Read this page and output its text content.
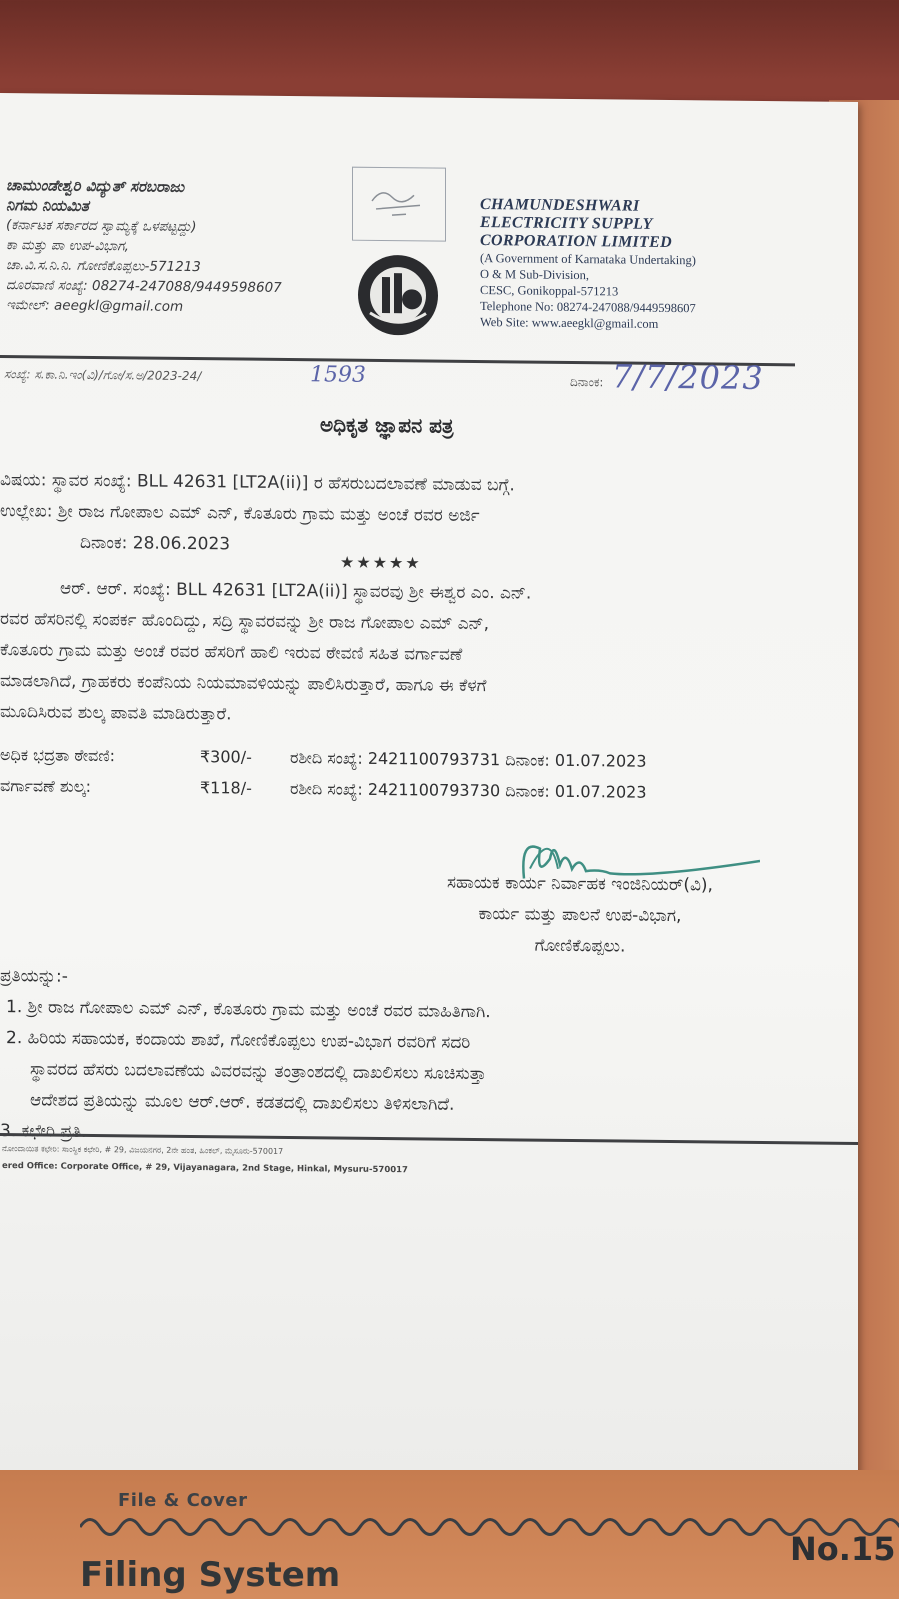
ಚಾಮುಂಡೇಶ್ವರಿ ವಿದ್ಯುತ್ ಸರಬರಾಜು
ನಿಗಮ ನಿಯಮಿತ
(ಕರ್ನಾಟಕ ಸರ್ಕಾರದ ಸ್ವಾಮ್ಯಕ್ಕೆ ಒಳಪಟ್ಟದ್ದು)
ಕಾ ಮತ್ತು ಪಾ ಉಪ-ವಿಭಾಗ,
ಚಾ.ವಿ.ಸ.ನಿ.ನಿ. ಗೋಣಿಕೊಪ್ಪಲು-571213
ದೂರವಾಣಿ ಸಂಖ್ಯೆ: 08274-247088/9449598607
ಇಮೇಲ್: aeegkl@gmail.com
CHAMUNDESHWARI
ELECTRICITY SUPPLY
CORPORATION LIMITED
(A Government of Karnataka Undertaking)
O & M Sub-Division,
CESC, Gonikoppal-571213
Telephone No: 08274-247088/9449598607
Web Site: www.aeegkl@gmail.com
ಸಂಖ್ಯೆ: ಸ.ಕಾ.ನಿ.ಇಂ(ವಿ)/ಗೋ/ಸ.ಅ/2023-24/	1593	ದಿನಾಂಕ: 7/7/2023
ಅಧಿಕೃತ ಜ್ಞಾಪನ ಪತ್ರ
ವಿಷಯ: ಸ್ಥಾವರ ಸಂಖ್ಯೆ: BLL 42631 [LT2A(ii)] ರ ಹೆಸರುಬದಲಾವಣೆ ಮಾಡುವ ಬಗ್ಗೆ.
ಉಲ್ಲೇಖ: ಶ್ರೀ ರಾಜ ಗೋಪಾಲ ಎಮ್ ಎನ್, ಕೊತೂರು ಗ್ರಾಮ ಮತ್ತು ಅಂಚೆ ರವರ ಅರ್ಜಿ
ದಿನಾಂಕ: 28.06.2023
★★★★★
ಆರ್. ಆರ್. ಸಂಖ್ಯೆ: BLL 42631 [LT2A(ii)] ಸ್ಥಾವರವು ಶ್ರೀ ಈಶ್ವರ ಎಂ. ಎನ್.
ರವರ ಹೆಸರಿನಲ್ಲಿ ಸಂಪರ್ಕ ಹೊಂದಿದ್ದು, ಸದ್ರಿ ಸ್ಥಾವರವನ್ನು ಶ್ರೀ ರಾಜ ಗೋಪಾಲ ಎಮ್ ಎನ್,
ಕೊತೂರು ಗ್ರಾಮ ಮತ್ತು ಅಂಚೆ ರವರ ಹೆಸರಿಗೆ ಹಾಲಿ ಇರುವ ಠೇವಣಿ ಸಹಿತ ವರ್ಗಾವಣೆ
ಮಾಡಲಾಗಿದೆ, ಗ್ರಾಹಕರು ಕಂಪೆನಿಯ ನಿಯಮಾವಳಿಯನ್ನು ಪಾಲಿಸಿರುತ್ತಾರೆ, ಹಾಗೂ ಈ ಕೆಳಗೆ
ಮೂದಿಸಿರುವ ಶುಲ್ಕ ಪಾವತಿ ಮಾಡಿರುತ್ತಾರೆ.
ಅಧಿಕ ಭದ್ರತಾ ಠೇವಣಿ:	₹300/-	ರಶೀದಿ ಸಂಖ್ಯೆ: 2421100793731 ದಿನಾಂಕ: 01.07.2023
ವರ್ಗಾವಣೆ ಶುಲ್ಕ:	₹118/-	ರಶೀದಿ ಸಂಖ್ಯೆ: 2421100793730 ದಿನಾಂಕ: 01.07.2023
ಸಹಾಯಕ ಕಾರ್ಯ ನಿರ್ವಾಹಕ ಇಂಜಿನಿಯರ್(ವಿ),
ಕಾರ್ಯ ಮತ್ತು ಪಾಲನೆ ಉಪ-ವಿಭಾಗ,
ಗೋಣಿಕೊಪ್ಪಲು.
ಪ್ರತಿಯನ್ನು:-
1. ಶ್ರೀ ರಾಜ ಗೋಪಾಲ ಎಮ್ ಎನ್, ಕೊತೂರು ಗ್ರಾಮ ಮತ್ತು ಅಂಚೆ ರವರ ಮಾಹಿತಿಗಾಗಿ.
2. ಹಿರಿಯ ಸಹಾಯಕ, ಕಂದಾಯ ಶಾಖೆ, ಗೋಣಿಕೊಪ್ಪಲು ಉಪ-ವಿಭಾಗ ರವರಿಗೆ ಸದರಿ
ಸ್ಥಾವರದ ಹೆಸರು ಬದಲಾವಣೆಯ ವಿವರವನ್ನು ತಂತ್ರಾಂಶದಲ್ಲಿ ದಾಖಲಿಸಲು ಸೂಚಿಸುತ್ತಾ
ಆದೇಶದ ಪ್ರತಿಯನ್ನು ಮೂಲ ಆರ್.ಆರ್. ಕಡತದಲ್ಲಿ ದಾಖಲಿಸಲು ತಿಳಿಸಲಾಗಿದೆ.
3. ಕಛೇರಿ ಪ್ರತಿ.
ನೋಂದಾಯಿತ ಕಛೇರಿ: ಸಾಂಸ್ಥಿಕ ಕಛೇರಿ, # 29, ವಿಜಯನಗರ, 2ನೇ ಹಂತ, ಹಿಂಕಲ್, ಮೈಸೂರು-570017
ered Office: Corporate Office, # 29, Vijayanagara, 2nd Stage, Hinkal, Mysuru-570017
File & Cover
Filing System
No.15
